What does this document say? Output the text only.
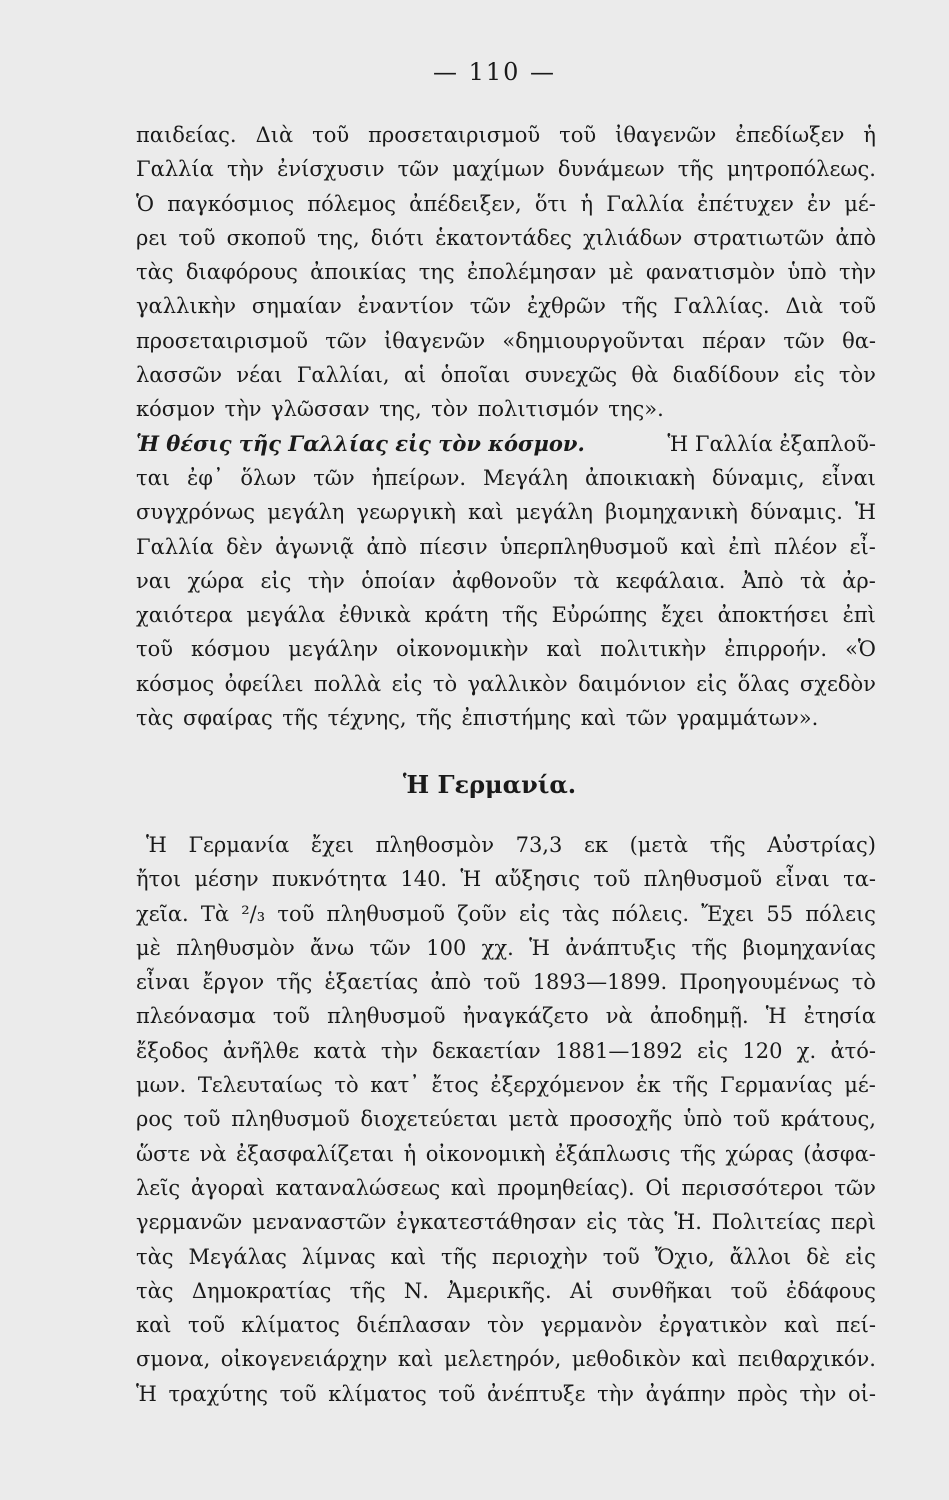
— 110 —
παιδείας. Διὰ τοῦ προσεταιρισμοῦ τοῦ ἰθαγενῶν ἐπεδίωξεν ἡ
Γαλλία τὴν ἐνίσχυσιν τῶν μαχίμων δυνάμεων τῆς μητροπόλεως.
Ὁ παγκόσμιος πόλεμος ἀπέδειξεν, ὅτι ἡ Γαλλία ἐπέτυχεν ἐν μέ-
ρει τοῦ σκοποῦ της, διότι ἑκατοντάδες χιλιάδων στρατιωτῶν ἀπὸ
τὰς διαφόρους ἀποικίας της ἐπολέμησαν μὲ φανατισμὸν ὑπὸ τὴν
γαλλικὴν σημαίαν ἐναντίον τῶν ἐχθρῶν τῆς Γαλλίας. Διὰ τοῦ
προσεταιρισμοῦ τῶν ἰθαγενῶν «δημιουργοῦνται πέραν τῶν θα-
λασσῶν νέαι Γαλλίαι, αἱ ὁποῖαι συνεχῶς θὰ διαδίδουν εἰς τὸν
κόσμον τὴν γλῶσσαν της, τὸν πολιτισμόν της».
Ἡ θέσις τῆς Γαλλίας εἰς τὸν κόσμον.	Ἡ Γαλλία ἐξαπλοῦ-
ται ἐφ᾽ ὅλων τῶν ἠπείρων. Μεγάλη ἀποικιακὴ δύναμις, εἶναι
συγχρόνως μεγάλη γεωργικὴ καὶ μεγάλη βιομηχανικὴ δύναμις. Ἡ
Γαλλία δὲν ἀγωνιᾷ ἀπὸ πίεσιν ὑπερπληθυσμοῦ καὶ ἐπὶ πλέον εἶ-
ναι χώρα εἰς τὴν ὁποίαν ἀφθονοῦν τὰ κεφάλαια. Ἀπὸ τὰ ἀρ-
χαιότερα μεγάλα ἐθνικὰ κράτη τῆς Εὐρώπης ἔχει ἀποκτήσει ἐπὶ
τοῦ κόσμου μεγάλην οἰκονομικὴν καὶ πολιτικὴν ἐπιρροήν. «Ὁ
κόσμος ὀφείλει πολλὰ εἰς τὸ γαλλικὸν δαιμόνιον εἰς ὅλας σχεδὸν
τὰς σφαίρας τῆς τέχνης, τῆς ἐπιστήμης καὶ τῶν γραμμάτων».
Ἡ Γερμανία.
Ἡ Γερμανία ἔχει πληθοσμὸν 73,3 εκ (μετὰ τῆς Αὐστρίας)
ἤτοι μέσην πυκνότητα 140. Ἡ αὔξησις τοῦ πληθυσμοῦ εἶναι τα-
χεῖα. Τὰ ²/₃ τοῦ πληθυσμοῦ ζοῦν εἰς τὰς πόλεις. Ἔχει 55 πόλεις
μὲ πληθυσμὸν ἄνω τῶν 100 χχ. Ἡ ἀνάπτυξις τῆς βιομηχανίας
εἶναι ἔργον τῆς ἑξαετίας ἀπὸ τοῦ 1893—1899. Προηγουμένως τὸ
πλεόνασμα τοῦ πληθυσμοῦ ἠναγκάζετο νὰ ἀποδημῇ. Ἡ ἐτησία
ἔξοδος ἀνῆλθε κατὰ τὴν δεκαετίαν 1881—1892 εἰς 120 χ. ἀτό-
μων. Τελευταίως τὸ κατ᾽ ἔτος ἐξερχόμενον ἐκ τῆς Γερμανίας μέ-
ρος τοῦ πληθυσμοῦ διοχετεύεται μετὰ προσοχῆς ὑπὸ τοῦ κράτους,
ὥστε νὰ ἐξασφαλίζεται ἡ οἰκονομικὴ ἐξάπλωσις τῆς χώρας (ἀσφα-
λεῖς ἀγοραὶ καταναλώσεως καὶ προμηθείας). Οἱ περισσότεροι τῶν
γερμανῶν μεναναστῶν ἐγκατεστάθησαν εἰς τὰς Ἡ. Πολιτείας περὶ
τὰς Μεγάλας λίμνας καὶ τῆς περιοχὴν τοῦ Ὄχιο, ἄλλοι δὲ εἰς
τὰς Δημοκρατίας τῆς Ν. Ἀμερικῆς. Αἱ συνθῆκαι τοῦ ἐδάφους
καὶ τοῦ κλίματος διέπλασαν τὸν γερμανὸν ἐργατικὸν καὶ πεί-
σμονα, οἰκογενειάρχην καὶ μελετηρόν, μεθοδικὸν καὶ πειθαρχικόν.
Ἡ τραχύτης τοῦ κλίματος τοῦ ἀνέπτυξε τὴν ἀγάπην πρὸς τὴν οἰ-
